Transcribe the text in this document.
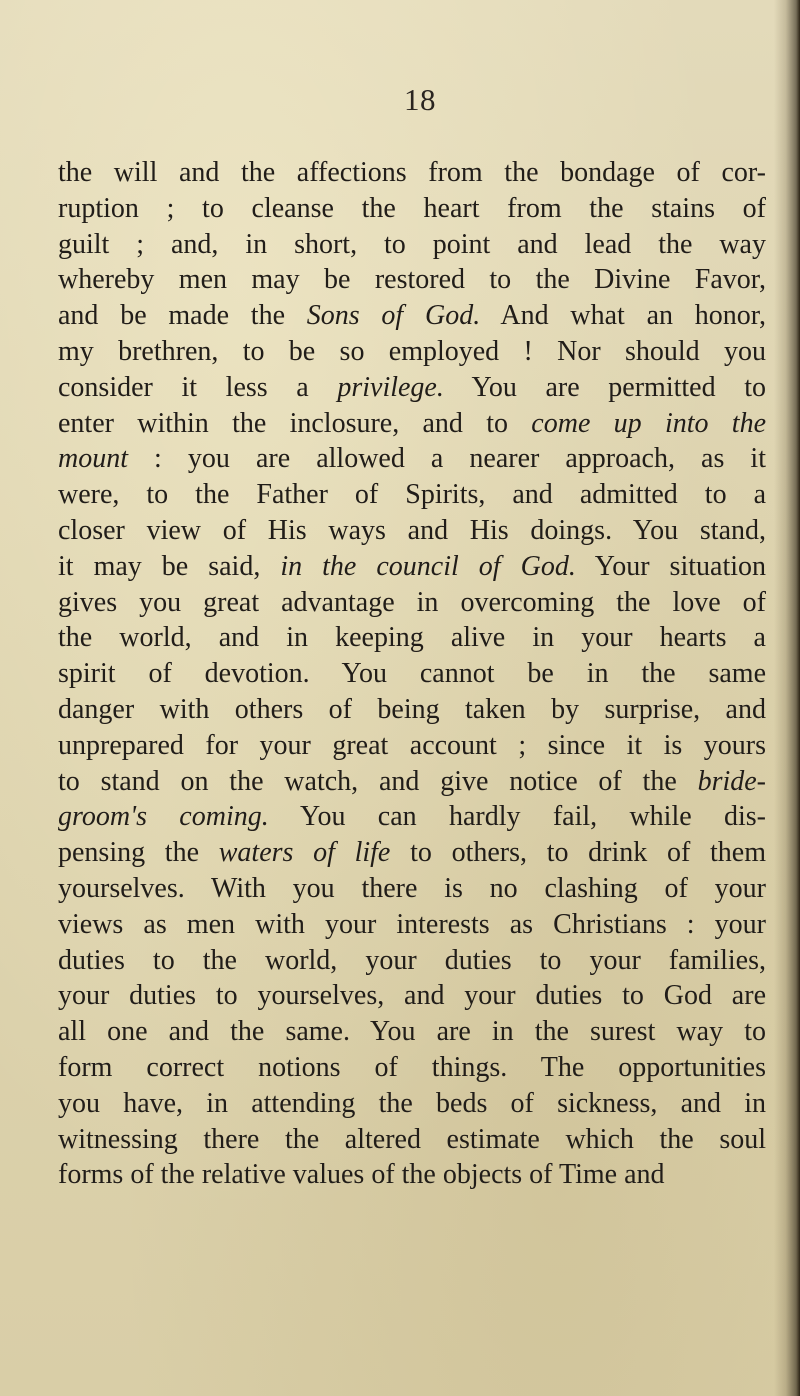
18
the will and the affections from the bondage of cor-
ruption ; to cleanse the heart from the stains of
guilt ; and, in short, to point and lead the way
whereby men may be restored to the Divine Favor,
and be made the Sons of God. And what an honor,
my brethren, to be so employed ! Nor should you
consider it less a privilege. You are permitted to
enter within the inclosure, and to come up into the
mount : you are allowed a nearer approach, as it
were, to the Father of Spirits, and admitted to a
closer view of His ways and His doings. You stand,
it may be said, in the council of God. Your situation
gives you great advantage in overcoming the love of
the world, and in keeping alive in your hearts a
spirit of devotion. You cannot be in the same
danger with others of being taken by surprise, and
unprepared for your great account ; since it is yours
to stand on the watch, and give notice of the bride-
groom's coming. You can hardly fail, while dis-
pensing the waters of life to others, to drink of them
yourselves. With you there is no clashing of your
views as men with your interests as Christians : your
duties to the world, your duties to your families,
your duties to yourselves, and your duties to God are
all one and the same. You are in the surest way to
form correct notions of things. The opportunities
you have, in attending the beds of sickness, and in
witnessing there the altered estimate which the soul
forms of the relative values of the objects of Time and
